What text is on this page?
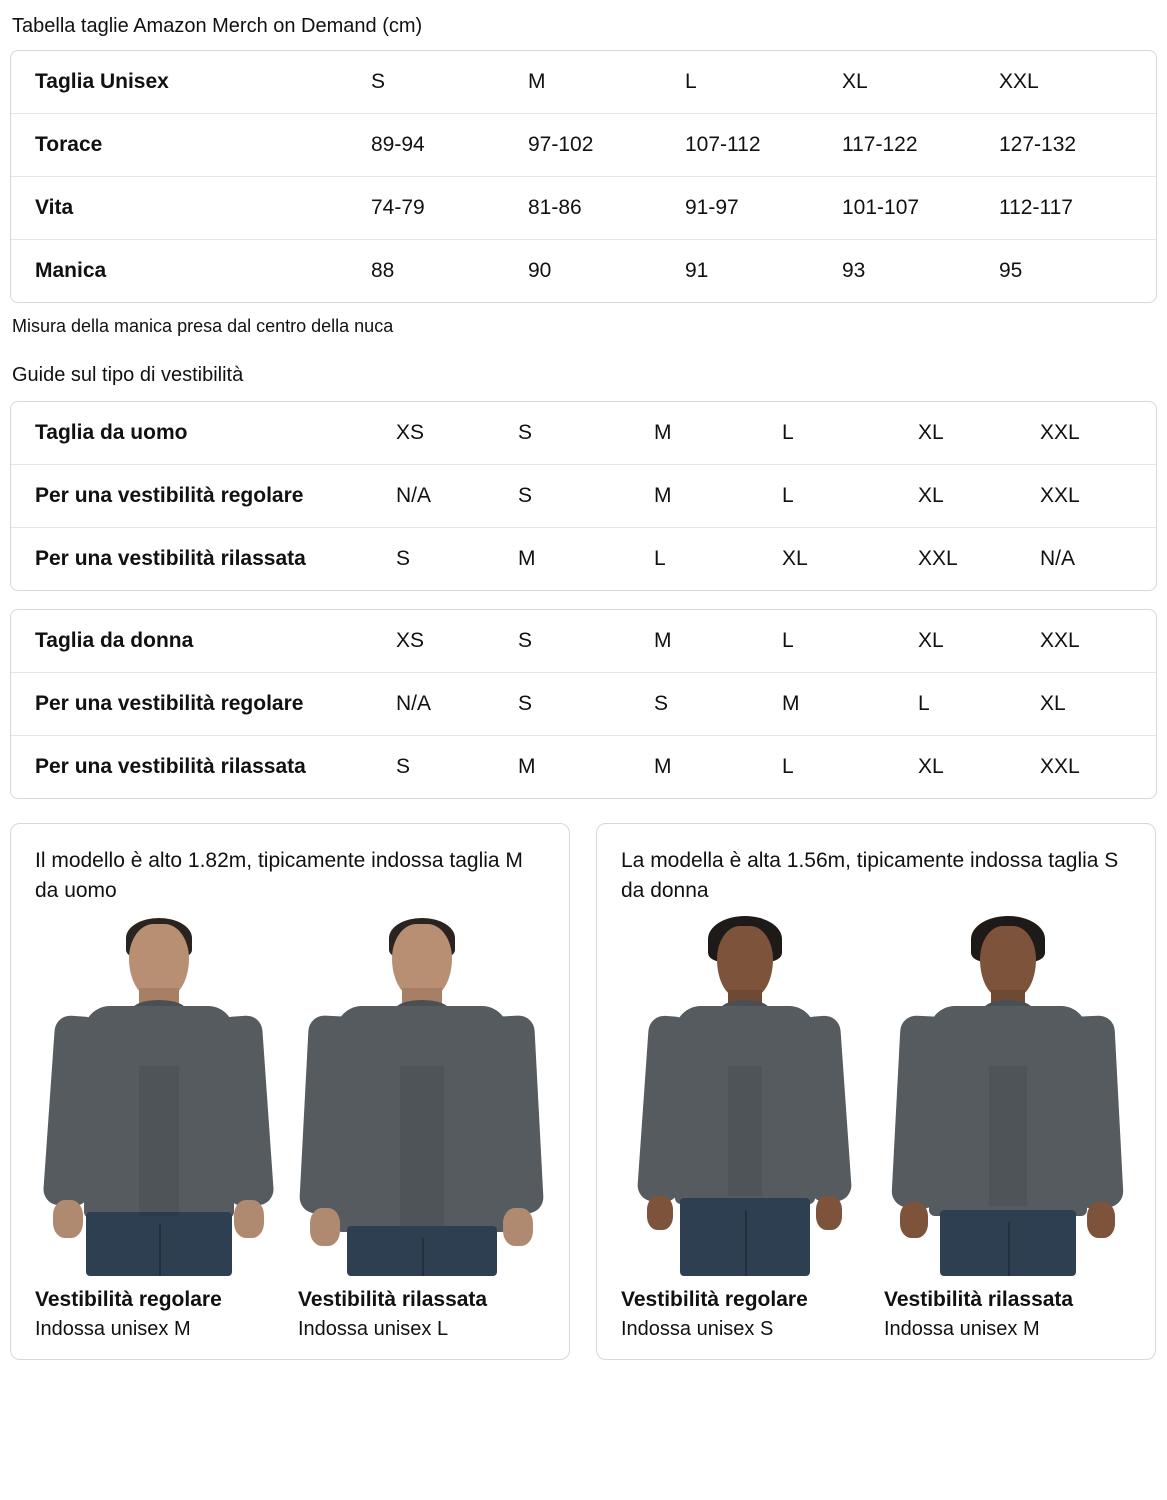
Tabella taglie Amazon Merch on Demand (cm)
Taglia Unisex	S	M	L	XL	XXL
Torace	89-94	97-102	107-112	117-122	127-132
Vita	74-79	81-86	91-97	101-107	112-117
Manica	88	90	91	93	95
Misura della manica presa dal centro della nuca
Guide sul tipo di vestibilità
Taglia da uomo	XS	S	M	L	XL	XXL
Per una vestibilità regolare	N/A	S	M	L	XL	XXL
Per una vestibilità rilassata	S	M	L	XL	XXL	N/A
Taglia da donna	XS	S	M	L	XL	XXL
Per una vestibilità regolare	N/A	S	S	M	L	XL
Per una vestibilità rilassata	S	M	M	L	XL	XXL
Il modello è alto 1.82m, tipicamente indossa taglia M da uomo
Vestibilità regolare
Indossa unisex M
Vestibilità rilassata
Indossa unisex L
La modella è alta 1.56m, tipicamente indossa taglia S da donna
Vestibilità regolare
Indossa unisex S
Vestibilità rilassata
Indossa unisex M
